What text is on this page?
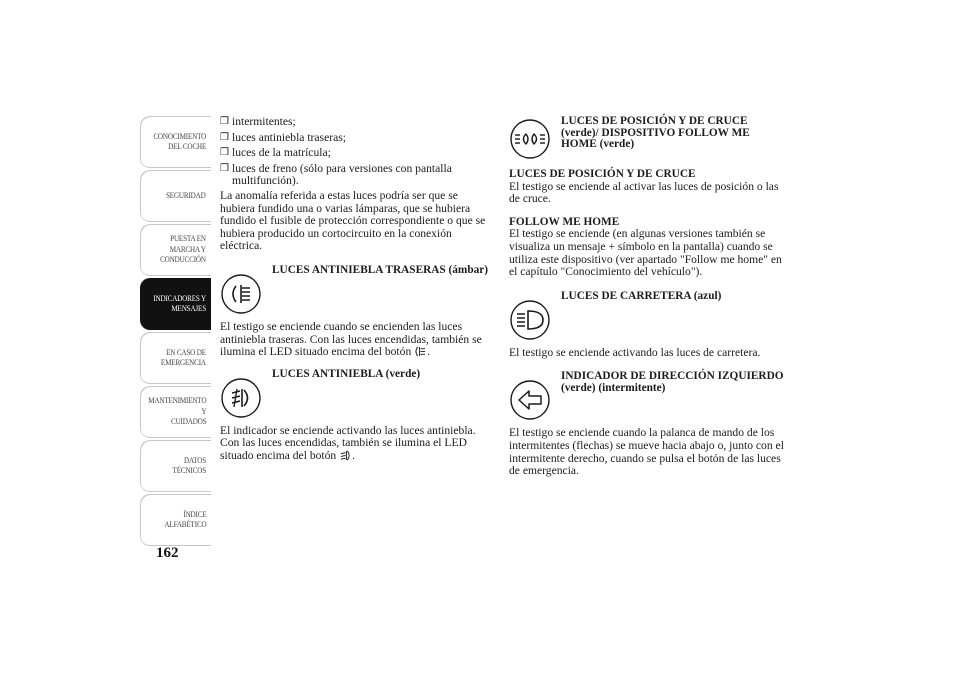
CONOCIMIENTO
DEL COCHE
SEGURIDAD
PUESTA EN
MARCHA Y
CONDUCCIÓN
INDICADORES Y
MENSAJES
EN CASO DE
EMERGENCIA
MANTENIMIENTO Y
CUIDADOS
DATOS TÉCNICOS
ÍNDICE
ALFABÉTICO
162
❒ intermitentes;
❒ luces antiniebla traseras;
❒ luces de la matrícula;
❒ luces de freno (sólo para versiones con pantalla multifunción).

La anomalía referida a estas luces podría ser que se hubiera fundido una o varias lámparas, que se hubiera fundido el fusible de protección correspondiente o que se hubiera producido un cortocircuito en la conexión eléctrica.

LUCES ANTINIEBLA TRASERAS (ámbar)

El testigo se enciende cuando se encienden las luces antiniebla traseras. Con las luces encendidas, también se ilumina el LED situado encima del botón .

LUCES ANTINIEBLA (verde)

El indicador se enciende activando las luces antiniebla. Con las luces encendidas, también se ilumina el LED situado encima del botón .

LUCES DE POSICIÓN Y DE CRUCE (verde)/ DISPOSITIVO FOLLOW ME HOME (verde)
LUCES DE POSICIÓN Y DE CRUCE

El testigo se enciende al activar las luces de posición o las de cruce.

FOLLOW ME HOME

El testigo se enciende (en algunas versiones también se visualiza un mensaje + símbolo en la pantalla) cuando se utiliza este dispositivo (ver apartado "Follow me home" en el capítulo "Conocimiento del vehículo").

LUCES DE CARRETERA (azul)

El testigo se enciende activando las luces de carretera.

INDICADOR DE DIRECCIÓN IZQUIERDO (verde) (intermitente)

El testigo se enciende cuando la palanca de mando de los intermitentes (flechas) se mueve hacia abajo o, junto con el intermitente derecho, cuando se pulsa el botón de las luces de emergencia.
